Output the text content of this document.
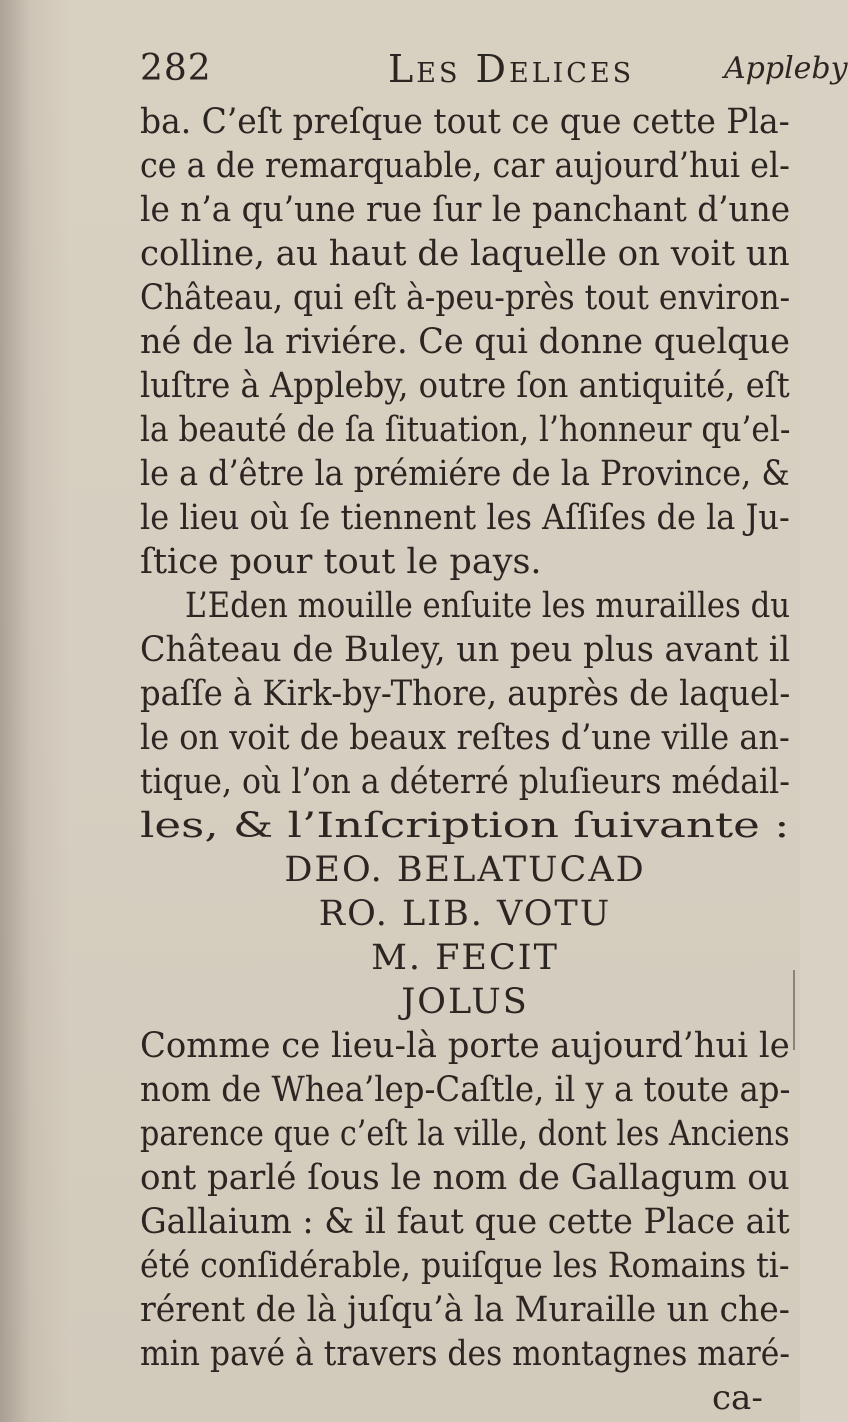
282	Les Delices	Appleby
ba. C’eſt preſque tout ce que cette Pla-
ce a de remarquable, car aujourd’hui el-
le n’a qu’une rue ſur le panchant d’une
colline, au haut de laquelle on voit un
Château, qui eſt à-peu-près tout environ-
né de la riviére. Ce qui donne quelque
luſtre à Appleby, outre ſon antiquité, eſt
la beauté de ſa ſituation, l’honneur qu’el-
le a d’être la prémiére de la Province, &
le lieu où ſe tiennent les Aſſiſes de la Ju-
ſtice pour tout le pays.
L’Eden mouille enſuite les murailles du
Château de Buley, un peu plus avant il
paſſe à Kirk-by-Thore, auprès de laquel-
le on voit de beaux reſtes d’une ville an-
tique, où l’on a déterré pluſieurs médail-
les, & l’Inſcription ſuivante :
DEO. BELATUCAD
RO. LIB. VOTU
M. FECIT
JOLUS
Comme ce lieu-là porte aujourd’hui le
nom de Whea’lep-Caſtle, il y a toute ap-
parence que c’eſt la ville, dont les Anciens
ont parlé ſous le nom de Gallagum ou
Gallaium : & il faut que cette Place ait
été conſidérable, puiſque les Romains ti-
rérent de là juſqu’à la Muraille un che-
min pavé à travers des montagnes maré-
ca-
